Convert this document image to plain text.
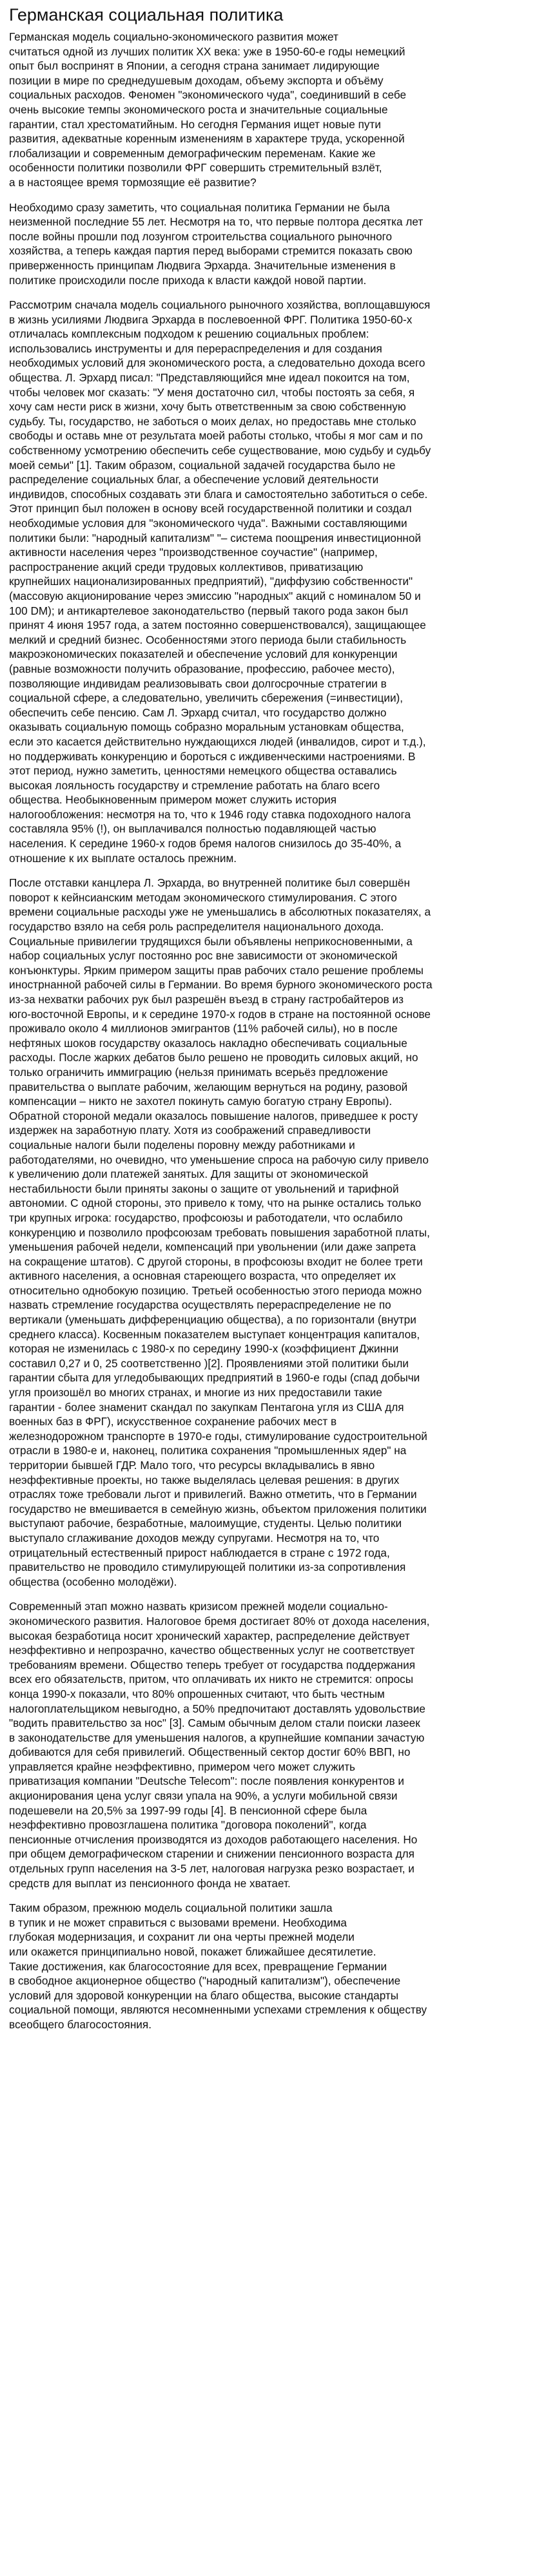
Германская социальная политика

Германская модель социально-экономического развития может
считаться одной из лучших политик XX века: уже в 1950-60-е годы немецкий
опыт был воспринят в Японии, а сегодня страна занимает лидирующие
позиции в мире по среднедушевым доходам, объему экспорта и объёму
социальных расходов. Феномен "экономического чуда", соединивший в себе
очень высокие темпы экономического роста и значительные социальные
гарантии, стал хрестоматийным. Но сегодня Германия ищет новые пути
развития, адекватные коренным изменениям в характере труда, ускоренной
глобализации и современным демографическим переменам. Какие же
особенности политики позволили ФРГ совершить стремительный взлёт,
а в настоящее время тормозящие её развитие?

Необходимо сразу заметить, что социальная политика Германии не была
неизменной последние 55 лет. Несмотря на то, что первые полтора десятка лет
после войны прошли под лозунгом строительства социального рыночного
хозяйства, а теперь каждая партия перед выборами стремится показать свою
приверженность принципам Людвига Эрхарда. Значительные изменения в
политике происходили после прихода к власти каждой новой партии.

Рассмотрим сначала модель социального рыночного хозяйства, воплощавшуюся
в жизнь усилиями Людвига Эрхарда в послевоенной ФРГ. Политика 1950-60-х
отличалась комплексным подходом к решению социальных проблем:
использовались инструменты и для перераспределения и для создания
необходимых условий для экономического роста, а следовательно дохода всего
общества. Л. Эрхард писал: "Представляющийся мне идеал покоится на том,
чтобы человек мог сказать: "У меня достаточно сил, чтобы постоять за себя, я
хочу сам нести риск в жизни, хочу быть ответственным за свою собственную
судьбу. Ты, государство, не заботься о моих делах, но предоставь мне столько
свободы и оставь мне от результата моей работы столько, чтобы я мог сам и по
собственному усмотрению обеспечить себе существование, мою судьбу и судьбу
моей семьи" [1]. Таким образом, социальной задачей государства было не
распределение социальных благ, а обеспечение условий деятельности
индивидов, способных создавать эти блага и самостоятельно заботиться о себе.
Этот принцип был положен в основу всей государственной политики и создал
необходимые условия для "экономического чуда". Важными составляющими
политики были: "народный капитализм" "– система поощрения инвестиционной
активности населения через "производственное соучастие" (например,
распространение акций среди трудовых коллективов, приватизацию
крупнейших национализированных предприятий), "диффузию собственности"
(массовую акционирование через эмиссию "народных" акций с номиналом 50 и
100 DM); и антикартелевое законодательство (первый такого рода закон был
принят 4 июня 1957 года, а затем постоянно совершенствовался), защищающее
мелкий и средний бизнес. Особенностями этого периода были стабильность
макроэкономических показателей и обеспечение условий для конкуренции
(равные возможности получить образование, профессию, рабочее место),
позволяющие индивидам реализовывать свои долгосрочные стратегии в
социальной сфере, а следовательно, увеличить сбережения (=инвестиции),
обеспечить себе пенсию. Сам Л. Эрхард считал, что государство должно
оказывать социальную помощь собразно моральным установкам общества,
если это касается действительно нуждающихся людей (инвалидов, сирот и т.д.),
но поддерживать конкуренцию и бороться с иждивенческими настроениями. В
этот период, нужно заметить, ценностями немецкого общества оставались
высокая лояльность государству и стремление работать на благо всего
общества. Необыкновенным примером может служить история
налогообложения: несмотря на то, что к 1946 году ставка подоходного налога
составляла 95% (!), он выплачивался полностью подавляющей частью
населения. К середине 1960-х годов бремя налогов снизилось до 35-40%, а
отношение к их выплате осталось прежним.

После отставки канцлера Л. Эрхарда, во внутренней политике был совершён
поворот к кейнсианским методам экономического стимулирования. С этого
времени социальные расходы уже не уменьшались в абсолютных показателях, а
государство взяло на себя роль распределителя национального дохода.
Социальные привилегии трудящихся были объявлены неприкосновенными, а
набор социальных услуг постоянно рос вне зависимости от экономической
конъюнктуры. Ярким примером защиты прав рабочих стало решение проблемы
инострнанной рабочей силы в Германии. Во время бурного экономического роста
из-за нехватки рабочих рук был разрешён въезд в страну гастробайтеров из
юго-восточной Европы, и к середине 1970-х годов в стране на постоянной основе
проживало около 4 миллионов эмигрантов (11% рабочей силы), но в после
нефтяных шоков государству оказалось накладно обеспечивать социальные
расходы. После жарких дебатов было решено не проводить силовых акций, но
только ограничить иммиграцию (нельзя принимать всерьёз предложение
правительства о выплате рабочим, желающим вернуться на родину, разовой
компенсации – никто не захотел покинуть самую богатую страну Европы).
Обратной стороной медали оказалось повышение налогов, приведшее к росту
издержек на заработную плату. Хотя из соображений справедливости
социальные налоги были поделены поровну между работниками и
работодателями, но очевидно, что уменьшение спроса на рабочую силу привело
к увеличению доли платежей занятых. Для защиты от экономической
нестабильности были приняты законы о защите от увольнений и тарифной
автономии. С одной стороны, это привело к тому, что на рынке остались только
три крупных игрока: государство, профсоюзы и работодатели, что ослабило
конкуренцию и позволило профсоюзам требовать повышения заработной платы,
уменьшения рабочей недели, компенсаций при увольнении (или даже запрета
на сокращение штатов). С другой стороны, в профсоюзы входит не более трети
активного населения, а основная стареющего возраста, что определяет их
относительно однобокую позицию. Третьей особенностью этого периода можно
назвать стремление государства осуществлять перераспределение не по
вертикали (уменьшать дифференциацию общества), а по горизонтали (внутри
среднего класса). Косвенным показателем выступает концентрация капиталов,
которая не изменилась с 1980-х по середину 1990-х (коэффициент Джинни
составил 0,27 и 0, 25 соответственно )[2]. Проявлениями этой политики были
гарантии сбыта для угледобывающих предприятий в 1960-е годы (спад добычи
угля произошёл во многих странах, и многие из них предоставили такие
гарантии - более знаменит скандал по закупкам Пентагона угля из США для
военных баз в ФРГ), искусственное сохранение рабочих мест в
железнодорожном транспорте в 1970-е годы, стимулирование судостроительной
отрасли в 1980-е и, наконец, политика сохранения "промышленных ядер" на
территории бывшей ГДР. Мало того, что ресурсы вкладывались в явно
неэффективные проекты, но также выделялась целевая решения: в других
отраслях тоже требовали льгот и привилегий. Важно отметить, что в Германии
государство не вмешивается в семейную жизнь, объектом приложения политики
выступают рабочие, безработные, малоимущие, студенты. Целью политики
выступало сглаживание доходов между супругами. Несмотря на то, что
отрицательный естественный прирост наблюдается в стране с 1972 года,
правительство не проводило стимулирующей политики из-за сопротивления
общества (особенно молодёжи).

Современный этап можно назвать кризисом прежней модели социально-
экономического развития. Налоговое бремя достигает 80% от дохода населения,
высокая безработица носит хронический характер, распределение действует
неэффективно и непрозрачно, качество общественных услуг не соответствует
требованиям времени. Общество теперь требует от государства поддержания
всех его обязательств, притом, что оплачивать их никто не стремится: опросы
конца 1990-х показали, что 80% опрошенных считают, что быть честным
налогоплательщиком невыгодно, а 50% предпочитают доставлять удовольствие
"водить правительство за нос" [3]. Самым обычным делом стали поиски лазеек
в законодательстве для уменьшения налогов, а крупнейшие компании зачастую
добиваются для себя привилегий. Общественный сектор достиг 60% ВВП, но
управляется крайне неэффективно, примером чего может служить
приватизация компании "Deutsche Telecom": после появления конкурентов и
акционирования цена услуг связи упала на 90%, а услуги мобильной связи
подешевели на 20,5% за 1997-99 годы [4]. В пенсионной сфере была
неэффективно провозглашена политика "договора поколений", когда
пенсионные отчисления производятся из доходов работающего населения. Но
при общем демографическом старении и снижении пенсионного возраста для
отдельных групп населения на 3-5 лет, налоговая нагрузка резко возрастает, и
средств для выплат из пенсионного фонда не хватает.

Таким образом, прежнюю модель социальной политики зашла
в тупик и не может справиться с вызовами времени. Необходима
глубокая модернизация, и сохранит ли она черты прежней модели
или окажется принципиально новой, покажет ближайшее десятилетие.
Такие достижения, как благосостояние для всех, превращение Германии
в свободное акционерное общество ("народный капитализм"), обеспечение
условий для здоровой конкуренции на благо общества, высокие стандарты
социальной помощи, являются несомненными успехами стремления к обществу
всеобщего благосостояния.
